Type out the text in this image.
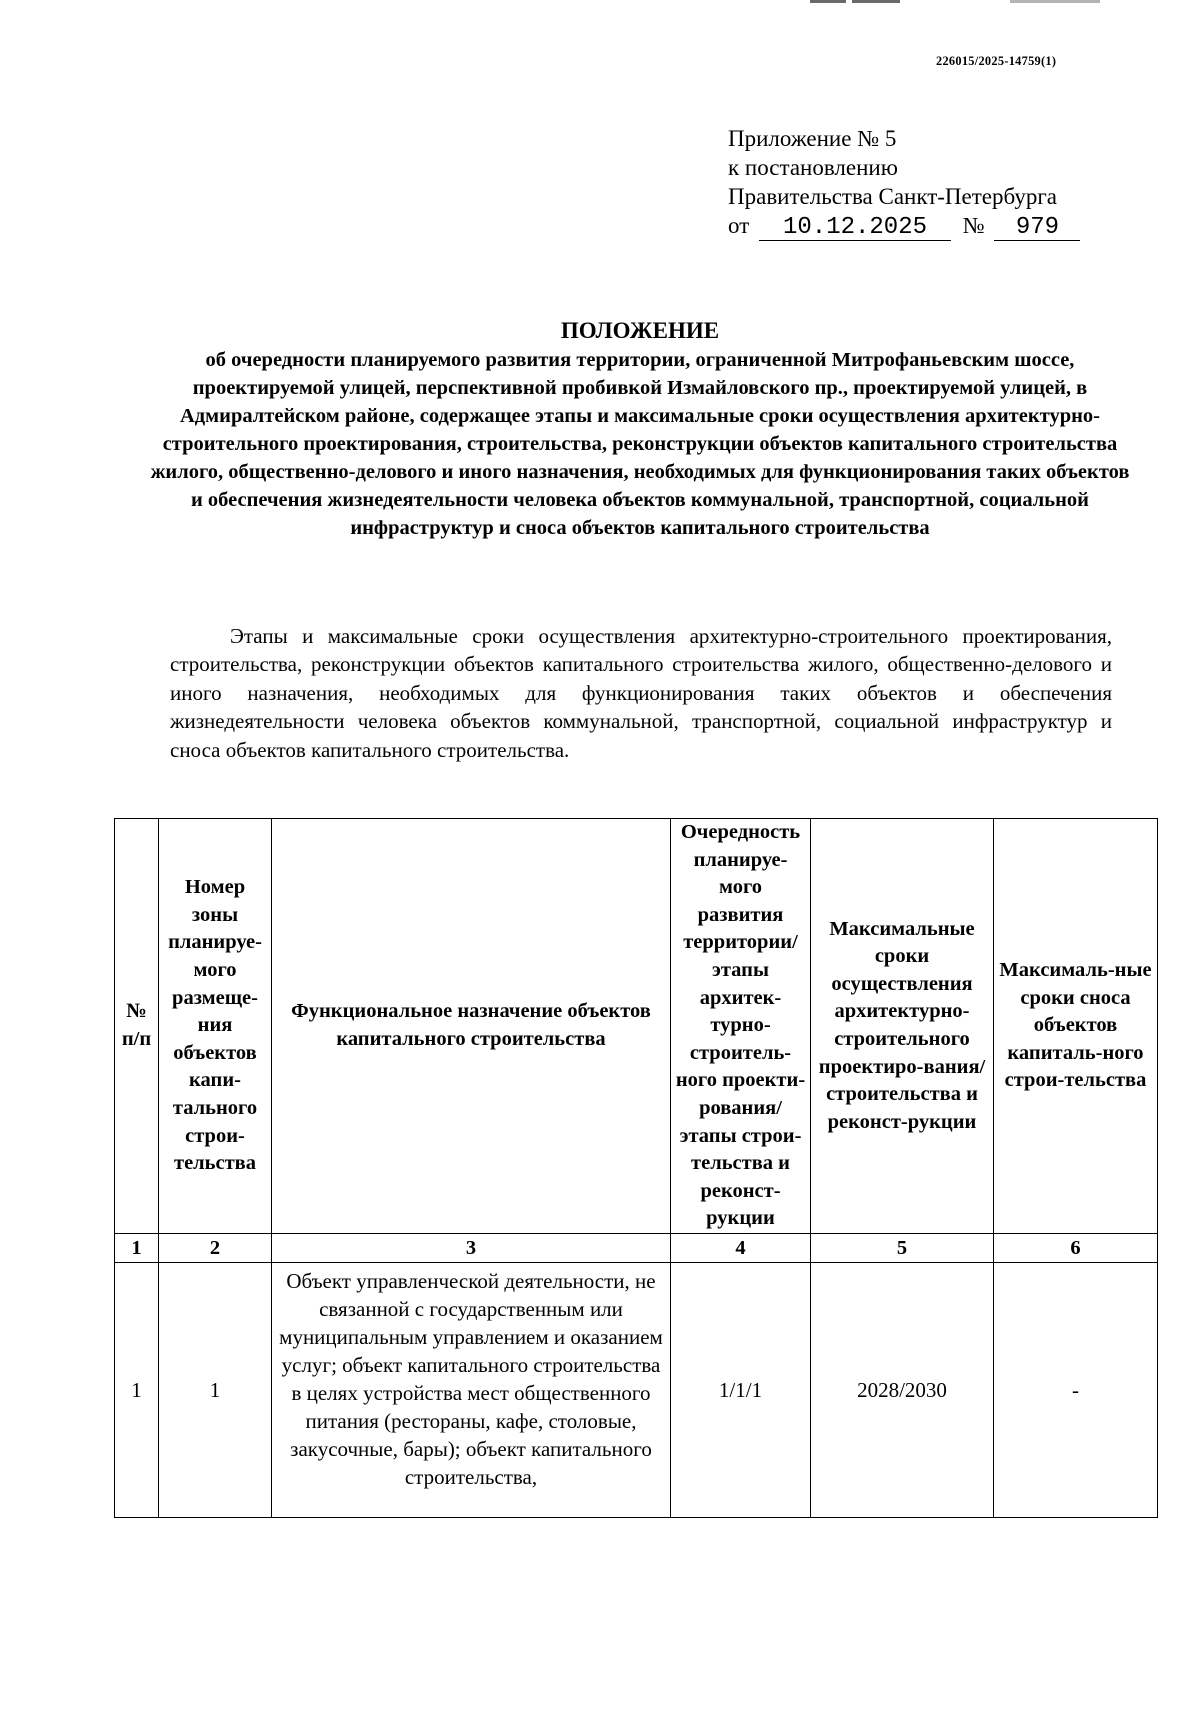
226015/2025-14759(1)
Приложение № 5
к постановлению
Правительства Санкт-Петербурга
от 10.12.2025 № 979
ПОЛОЖЕНИЕ
об очередности планируемого развития территории, ограниченной Митрофаньевским шоссе, проектируемой улицей, перспективной пробивкой Измайловского пр., проектируемой улицей, в Адмиралтейском районе, содержащее этапы и максимальные сроки осуществления архитектурно-строительного проектирования, строительства, реконструкции объектов капитального строительства жилого, общественно-делового и иного назначения, необходимых для функционирования таких объектов и обеспечения жизнедеятельности человека объектов коммунальной, транспортной, социальной инфраструктур и сноса объектов капитального строительства
Этапы и максимальные сроки осуществления архитектурно-строительного проектирования, строительства, реконструкции объектов капитального строительства жилого, общественно-делового и иного назначения, необходимых для функционирования таких объектов и обеспечения жизнедеятельности человека объектов коммунальной, транспортной, социальной инфраструктур и сноса объектов капитального строительства.
№ п/п	Номер зоны планируе-мого размеще-ния объектов капи-тального строи-тельства	Функциональное назначение объектов капитального строительства	Очередность планируе-мого развития территории/ этапы архитек-турно-строитель-ного проекти-рования/ этапы строи-тельства и реконст-рукции	Максимальные сроки осуществления архитектурно-строительного проектиро-вания/ строительства и реконст-рукции	Максималь-ные сроки сноса объектов капиталь-ного строи-тельства
1	2	3	4	5	6
1	1	Объект управленческой деятельности, не связанной с государственным или муниципальным управлением и оказанием услуг; объект капитального строительства в целях устройства мест общественного питания (рестораны, кафе, столовые, закусочные, бары); объект капитального строительства,	1/1/1	2028/2030	-
